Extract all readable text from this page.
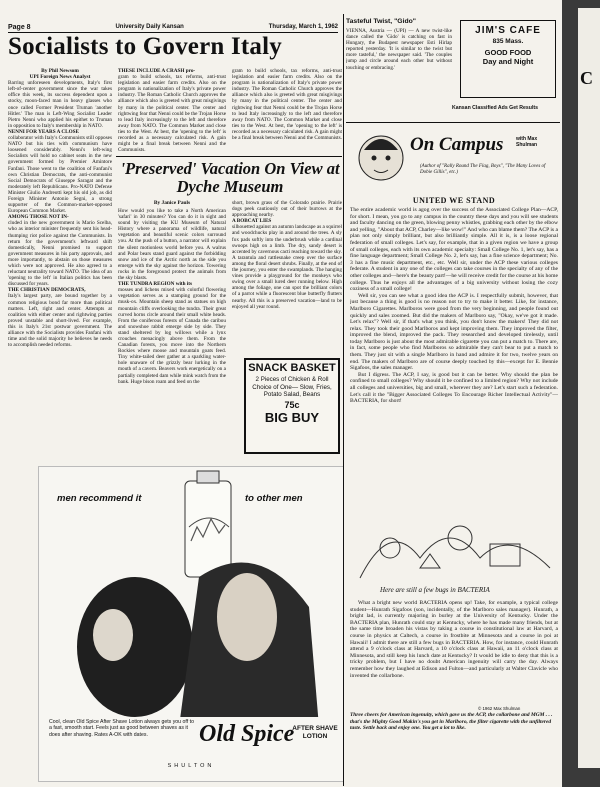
Page 8	University Daily Kansan	Thursday, March 1, 1962
Socialists to Govern Italy
By Phil Newsom
UPI Foreign News Analyst

Barring unforeseen developments, Italy's first left-of-center government since the war takes office this week, its success dependent upon a stocky, moon-faced man in heavy glasses who once called Former President Truman 'another Hitler.' The man is Left-Wing Socialist Leader Pietro Nenni who applied his epithet to Truman in opposition to Italy's membership in NATO.

NENNI FOR YEARS A CLOSE

collaborator with Italy's Communists still opposes NATO but his ties with communism have loosened considerably. Nenni's left-wing Socialists will hold no cabinet seats in the new government formed by Premier Amintore Fanfani. Those went to the coalition of Fanfani's own Christian Democrats, the anti-communist Social Democrats of Giuseppe Saragat and the moderately left Republicans. Pro-NATO Defense Minister Giulio Andreotti kept his old job, as did Foreign Minister Antonio Segni, a strong supporter of the Common-market-opposed European Common Market.

AMONG THOSE NOT IN-

cluded in the new government is Mario Scelba, who as interior minister frequently sent his head-thumping riot police against the Communists. In return for the government's leftward shift domestically, Nenni promised to support government measures in his party approvals, and more importantly, to abstain on those measures which were not approved. He also agreed to a reluctant neutrality toward NATO. The idea of an 'opening to the left' in Italian politics has been discussed for years.

THE CHRISTIAN DEMOCRATS,

Italy's largest party, are bound together by a common religious bond far more than political matters. Left, right and center. Attempts at coalition with either center and rightwing parties proved unstable and short-lived. For example, this is Italy's 21st postwar government. The alliance with the Socialists provides Fanfani with time and the solid majority he believes he needs to accomplish needed reforms.

THESE INCLUDE A CRASH pro-

gram to build schools, tax reforms, anti-trust legislation and easier farm credits. Also on the program is nationalization of Italy's private power industry. The Roman Catholic Church approves the alliance which also is greeted with great misgivings by many in the political center. The center and rightwing fear that Nenni could be the Trojan Horse to lead Italy increasingly to the left and therefore away from NATO. The Common Market and close ties to the West. At best, the 'opening to the left' is recorded as a necessary calculated risk. A gain might be a final break between Nenni and the Communists.

gram to build schools, tax reforms, anti-trust legislation and easier farm credits. Also on the program is nationalization of Italy's private power industry. The Roman Catholic Church approves the alliance which also is greeted with great misgivings by many in the political center. The center and rightwing fear that Nenni could be the Trojan Horse to lead Italy increasingly to the left and therefore away from NATO. The Common Market and close ties to the West. At best, the 'opening to the left' is recorded as a necessary calculated risk. A gain might be a final break between Nenni and the Communists.

'Preserved' Vacation On View at Dyche Museum
By Janice Pauls

How would you like to take a North American 'safari' in 30 minutes? You can do it in sight and sound by visiting the KU Museum of Natural History where a panorama of wildlife, natural vegetation and beautiful scenic colors surround you. At the push of a button, a narrator will explain the silent motionless world before you. A walrus and Polar bears stand guard against the forbidding snow and ice of the Arctic north as the side you emerge with the sky against the horizon. Towering rocks in the foreground protect the animals from the sky blasts.

THE TUNDRA REGION with its

mosses and lichens mixed with colorful flowering vegetation serves as a stamping ground for the musk-ox. Mountain sheep stand as statues on high mountain cliffs overlooking the tundra. Their great curved horns circle around their small white heads. From the coniferous forests of Canada the caribou and snowshoe rabbit emerge side by side. They stand sheltered by log willows while a lynx crouches menacingly above them. From the Canadian forests, you move into the Northern Rockies where moose and mountain goats feed. Tiny white-tailed deer gather at a sparkling water-hole unaware of the grizzly bear lurking in the mouth of a cavern. Beavers work energetically on a partially completed dam while mink watch from the bank. Huge bison roam and feed on the

short, brown grass of the Colorado prairie. Prairie dogs peek cautiously out of their burrows at the approaching nearby.

A BOBCAT LIES

silhouetted against an autumn landscape as a squirrel and woodchucks play in and around the trees. A sly fox pads softly into the underbrush while a cardinal swoops high on a limb. The dry, sandy desert is accented by cavernous cacti reaching toward the sky. A tarantula and rattlesnake creep over the surface among the floral desert shrubs. Finally, at the end of the journey, you enter the swamplands. The hanging vines provide a playground for the monkeys who swing over a small lured deer running below. High among the foliage, one can spot the brilliant colors of a parrot while a fluorescent blue butterfly flutters nearby. All this is a preserved vacation—land to be enjoyed all year round.

SNACK BASKET
2 Pieces of Chicken & Roll Choice of One— Slow, Fries, Potato Salad, Beans
75c
BIG BUY
men recommend it	to other men
Cool, clean Old Spice After Shave Lotion always gets you off to a fast, smooth start. Feels just as good between shaves as it does after shaving. Rates A-OK with dates.	Old Spice
AFTER SHAVE LOTION
SHULTON
Tasteful Twist, "Gido"

VIENNA, Austria — (UPI) — A new twist-like dance called the 'Gido' is catching on fast in Hungary, the Budapest newspaper Esti Hirlap reported yesterday. 'It is similar to the twist but more tasteful,' the newspaper said. 'The couples jump and circle around each other but without touching or embracing.'

JIM'S CAFE
835 Mass.
GOOD FOOD
Day and Night
Kansan Classified Ads Get Results
On Campus	with Max Shulman
(Author of "Rally Round The Flag, Boys", "The Many Loves of Dobie Gillis", etc.)
UNITED WE STAND

The entire academic world is agog over the success of the Associated College Plan—ACP, for short. I mean, you go to any campus in the country these days and you will see students and faculty dancing on the green, blowing penny whistles, grabbing each other by the elbow and yelling, "About that ACP, Charley—like wow!" And who can blame them? The ACP is a plan not only simply brilliant, but also brilliantly simple. All it is, is a loose regional federation of small colleges. Let's say, for example, that in a given region we have a group of small colleges, each with its own academic specialty: Small College No. 1, let's say, has a fine language department; Small College No. 2, let's say, has a fine science department; No. 3 has a fine music department, etc., etc. Well sir, under the ACP these various colleges federate. A student in any one of the colleges can take courses in the specialty of any of the other colleges and—here's the beauty part!—he will receive credit for the course at his home college. Thus he enjoys all the advantages of a big university without losing the cozy coziness of a small college!

Well sir, you can see what a good idea the ACP is. I respectfully submit, however, that just because a thing is good is no reason not to try to make it better. Like, for instance, Marlboro Cigarettes. Marlboros were good from the very beginning, and people found out quickly and sales zoomed. But did the makers of Marlboro say, "Okay, we've got it made. Let's relax"? Well sir, if that's what you think, you don't know the makers! They did not relax. They took their good Marlboros and kept improving them. They improved the filter, improved the blend, improved the pack. They researched and developed tirelessly, until today Marlboro is just about the most admirable cigarette you can put a match to. There are, in fact, some people who find Marlboros so admirable they can't bear to put a match to them. They just sit with a single Marlboro in hand and admire it for two, twelve years on end. The makers of Marlboro are of course deeply touched by this—except for E. Bennie Sigafoos, the sales manager.

But I digress. The ACP, I say, is good but it can be better. Why should the plan be confined to small colleges? Why should it be confined to a limited region? Why not include all colleges and universities, big and small, wherever they are? Let's start such a federation. Let's call it the "Bigger Associated Colleges To Encourage Richer Intellectual Activity"—BACTERIA, for short!

Here are still a few bugs in BACTERIA

What a bright new world BACTERIA opens up! Take, for example, a typical college student—Hunrath Sigafoos (son, incidentally, of the Marlboro sales manager). Hunrath, a bright lad, is currently majoring in burley at the University of Kentucky. Under the BACTERIA plan, Hunrath could stay at Kentucky, where he has made many friends, but at the same time broaden his vistas by taking a course in constitutional law at Harvard, a course in physics at Caltech, a course in frostbite at Minnesota and a course in poi at Hawaii! I admit there are still a few bugs in BACTERIA. How, for instance, could Hunrath attend a 9 o'clock class at Harvard, a 10 o'clock class at Hawaii, an 11 o'clock class at Minnesota, and still keep his lunch date at Kentucky? It would be idle to deny that this is a tricky problem, but I have no doubt American ingenuity will carry the day. Always remember how they laughed at Edison and Fulton—and particularly at Walter Clavicle who invented the collarbone.

© 1962 Max Shulman
Three cheers for American ingenuity, which gave us the ACP, the collarbone and MGM . . . that's the Mighty Good Makin's you get in Marlboro, the filter cigarette with the unfiltered taste. Settle back and enjoy one. You get a lot to like.
C
